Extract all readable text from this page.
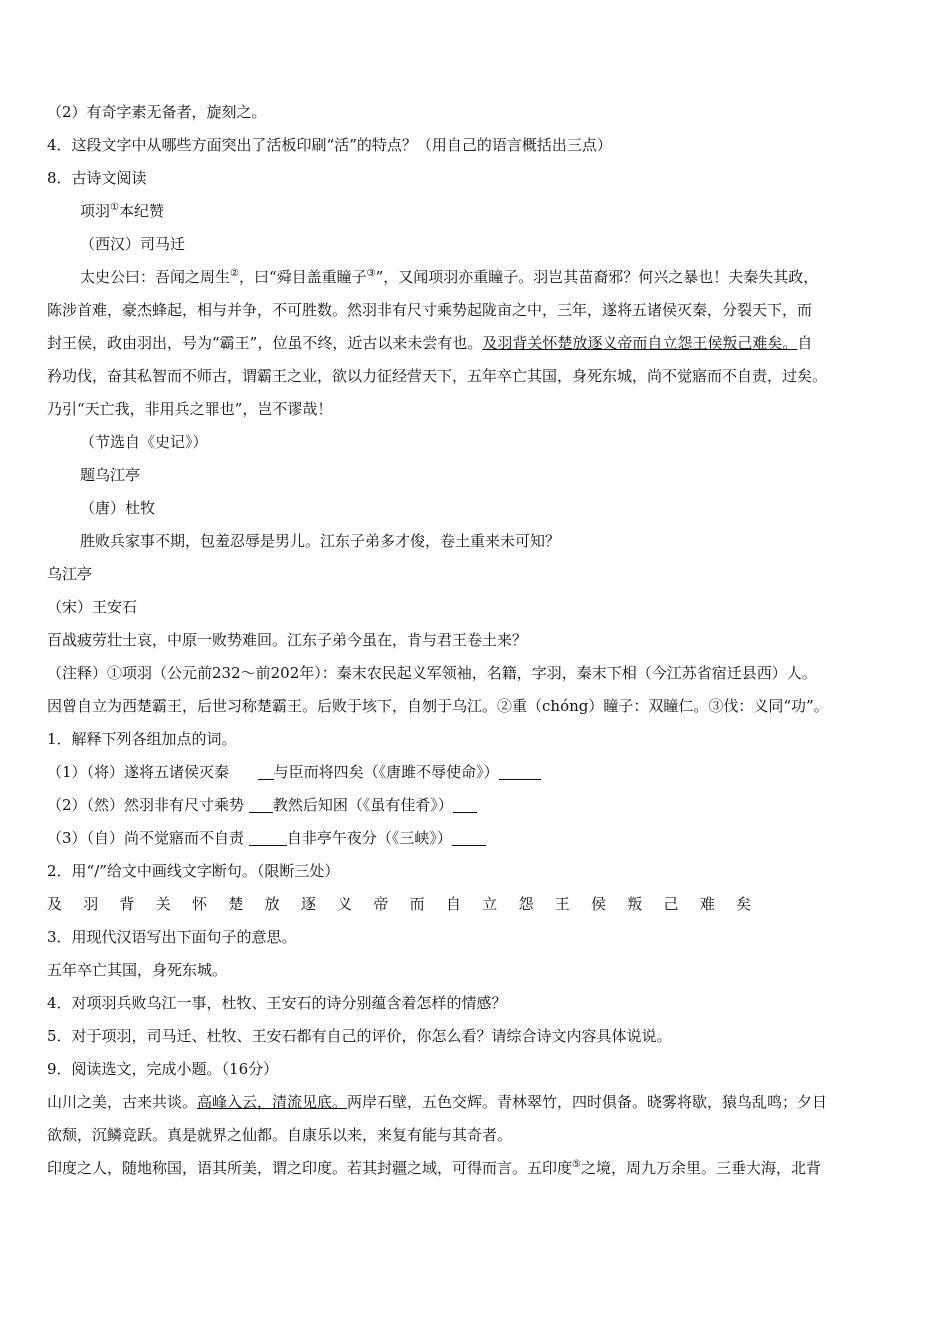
（2）有奇字素无备者，旋刻之。
4．这段文字中从哪些方面突出了活板印刷“活”的特点？（用自己的语言概括出三点）
8．古诗文阅读
项羽①本纪赞
（西汉）司马迁
太史公曰：吾闻之周生②，曰“舜目盖重瞳子③”，又闻项羽亦重瞳子。羽岂其苗裔邪？何兴之暴也！夫秦失其政，
陈涉首难，豪杰蜂起，相与并争，不可胜数。然羽非有尺寸乘势起陇亩之中，三年，遂将五诸侯灭秦，分裂天下，而
封王侯，政由羽出，号为“霸王”，位虽不终，近古以来未尝有也。及羽背关怀楚放逐义帝而自立怨王侯叛己难矣。自
矜功伐，奋其私智而不师古，谓霸王之业，欲以力征经营天下，五年卒亡其国，身死东城，尚不觉寤而不自责，过矣。
乃引“天亡我，非用兵之罪也”，岂不谬哉！
（节选自《史记》）
题乌江亭
（唐）杜牧
胜败兵家事不期，包羞忍辱是男儿。江东子弟多才俊，卷土重来未可知？
乌江亭
（宋）王安石
百战疲劳壮士哀，中原一败势难回。江东子弟今虽在，肯与君王卷土来？
（注释）①项羽（公元前232～前202年）：秦末农民起义军领袖，名籍，字羽，秦末下相（今江苏省宿迁县西）人。
因曾自立为西楚霸王，后世习称楚霸王。后败于垓下，自刎于乌江。②重（chóng）瞳子：双瞳仁。③伐：义同“功”。
1．解释下列各组加点的词。
（1）（将）遂将五诸侯灭秦	与臣而将四矣（《唐雎不辱使命》）
（2）（然）然羽非有尺寸乘势 教然后知困（《虽有佳肴》）
（3）（自）尚不觉寤而不自责	自非亭午夜分（《三峡》）
2．用“/”给文中画线文字断句。（限断三处）
及 羽 背 关 怀 楚 放 逐 义 帝 而 自 立 怨 王 侯 叛 己 难 矣
3．用现代汉语写出下面句子的意思。
五年卒亡其国，身死东城。
4．对项羽兵败乌江一事，杜牧、王安石的诗分别蕴含着怎样的情感？
5．对于项羽，司马迁、杜牧、王安石都有自己的评价，你怎么看？请综合诗文内容具体说说。
9．阅读选文，完成小题。（16分）
山川之美，古来共谈。高峰入云，清流见底。两岸石壁，五色交辉。青林翠竹，四时俱备。晓雾将歇，猿鸟乱鸣；夕日
欲颓，沉鳞竞跃。真是就界之仙都。自康乐以来，来复有能与其奇者。
印度之人，随地称国，语其所美，谓之印度。若其封疆之域，可得而言。五印度⑤之境，周九万余里。三垂大海，北背
